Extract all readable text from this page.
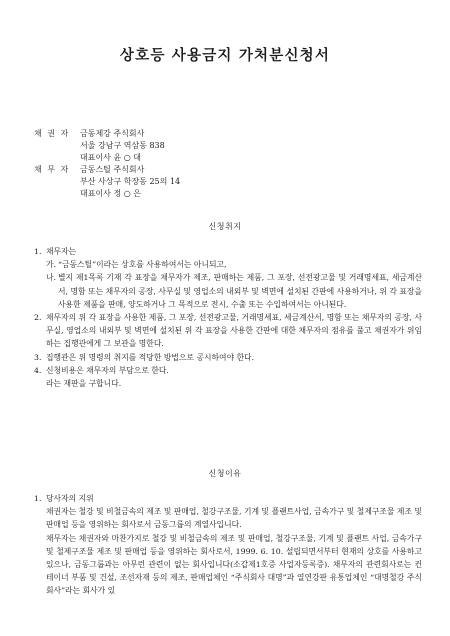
상호등 사용금지 가처분신청서
채 권 자	금동제강 주식회사
서울 강남구 역삼동 838
대표이사 윤 ○ 대
채 무 자	금동스틸 주식회사
부산 사상구 학장동 25의 14
대표이사 정 ○ 은
신청취지
1. 채무자는
가. “금동스틸”이라는 상호를 사용하여서는 아니되고,
나. 별지 제1목록 기재 각 표장을 채무자가 제조, 판매하는 제품, 그 포장, 선전광고물 및 거래명세표, 세금계산서, 명함 또는 채무자의 공장, 사무실 및 영업소의 내외부 및 벽면에 설치된 간판에 사용하거나, 위 각 표장을 사용한 제품을 판매, 양도하거나 그 목적으로 전시, 수출 또는 수입하여서는 아니된다.
2. 채무자의 위 각 표장을 사용한 제품, 그 포장, 선전광고물, 거래명세표, 세금계산서, 명함 또는 채무자의 공장, 사무실, 영업소의 내외부 및 벽면에 설치된 위 각 표장을 사용한 간판에 대한 채무자의 점유를 풀고 채권자가 위임하는 집행관에게 그 보관을 명한다.
3. 집행관은 위 명령의 취지를 적당한 방법으로 공시하여야 한다.
4. 신청비용은 채무자의 부담으로 한다.
라는 재판을 구합니다.
신청이유
1. 당사자의 지위
채권자는 철강 및 비철금속의 제조 및 판매업, 철강구조물, 기계 및 플랜트사업, 금속가구 및 철제구조물 제조 및 판매업 등을 영위하는 회사로서 금동그룹의 계열사입니다.
채무자는 채권자와 마찬가지로 철강 및 비철금속의 제조 및 판매업, 철강구조물, 기계 및 플랜트 사업, 금속가구 및 철제구조물 제조 및 판매업 등을 영위하는 회사로서, 1999. 6. 10. 설립되면서부터 현재의 상호를 사용하고 있으나, 금동그룹과는 아무런 관련이 없는 회사입니다(소갑제1호증 사업자등록증). 채무자의 관련회사로는 컨테이너 부품 및 건설, 조선자재 등의 제조, 판매업체인 “주식회사 대명”과 열연강판 유통업체인 “대명철강 주식회사”라는 회사가 있
